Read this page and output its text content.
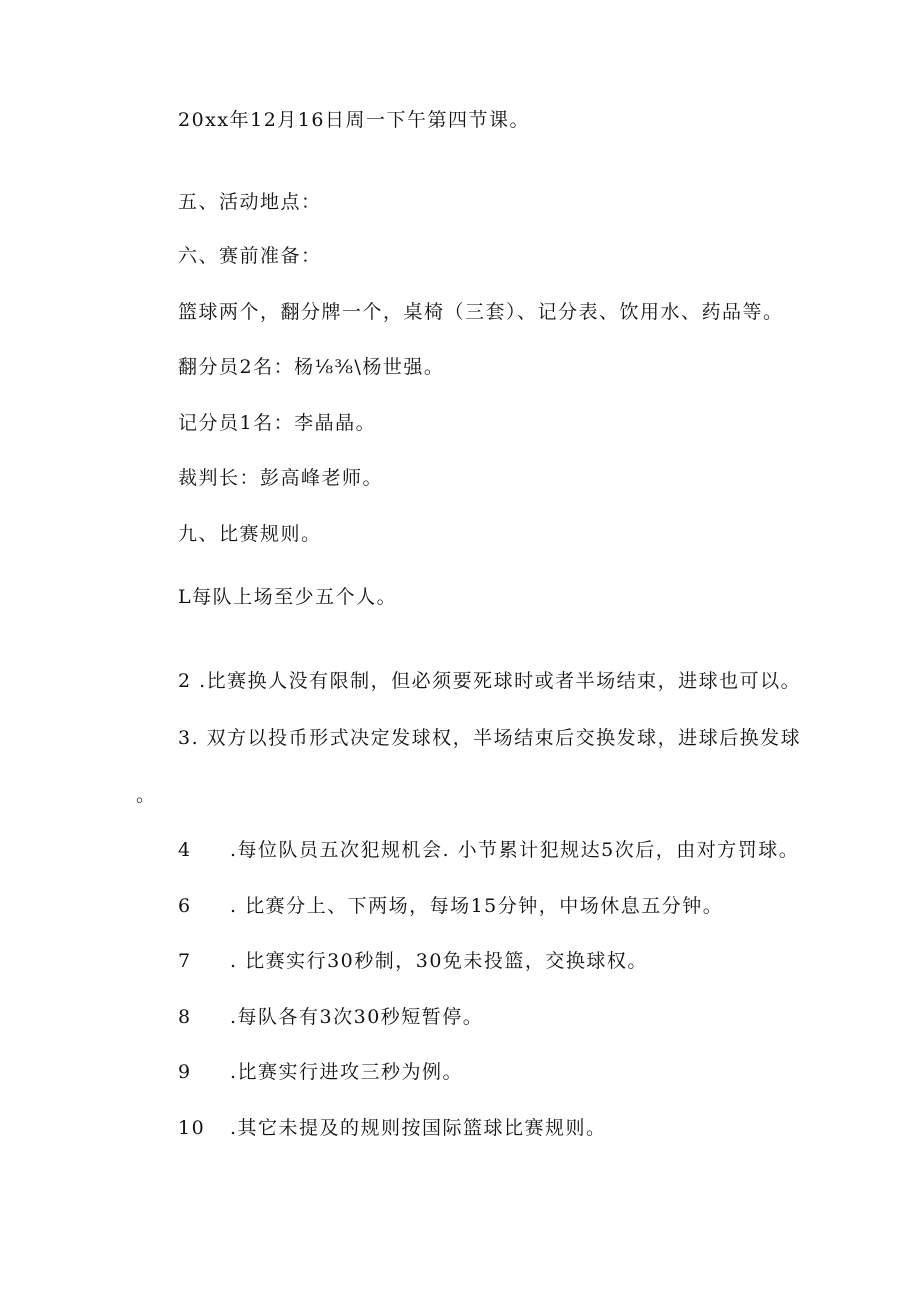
20xx年12月16日周一下午第四节课。
五、活动地点：
六、赛前准备：
篮球两个，翻分牌一个，桌椅（三套）、记分表、饮用水、药品等。
翻分员2名：杨⅛⅜\杨世强。
记分员1名：李晶晶。
裁判长：彭高峰老师。
九、比赛规则。
L每队上场至少五个人。
2 .比赛换人没有限制，但必须要死球时或者半场结束，进球也可以。
3. 双方以投币形式决定发球权，半场结束后交换发球，进球后换发球
。
4 .每位队员五次犯规机会. 小节累计犯规达5次后，由对方罚球。
6 . 比赛分上、下两场，每场15分钟，中场休息五分钟。
7 . 比赛实行30秒制，30免未投篮，交换球权。
8 .每队各有3次30秒短暂停。
9 .比赛实行进攻三秒为例。
10 .其它未提及的规则按国际篮球比赛规则。
